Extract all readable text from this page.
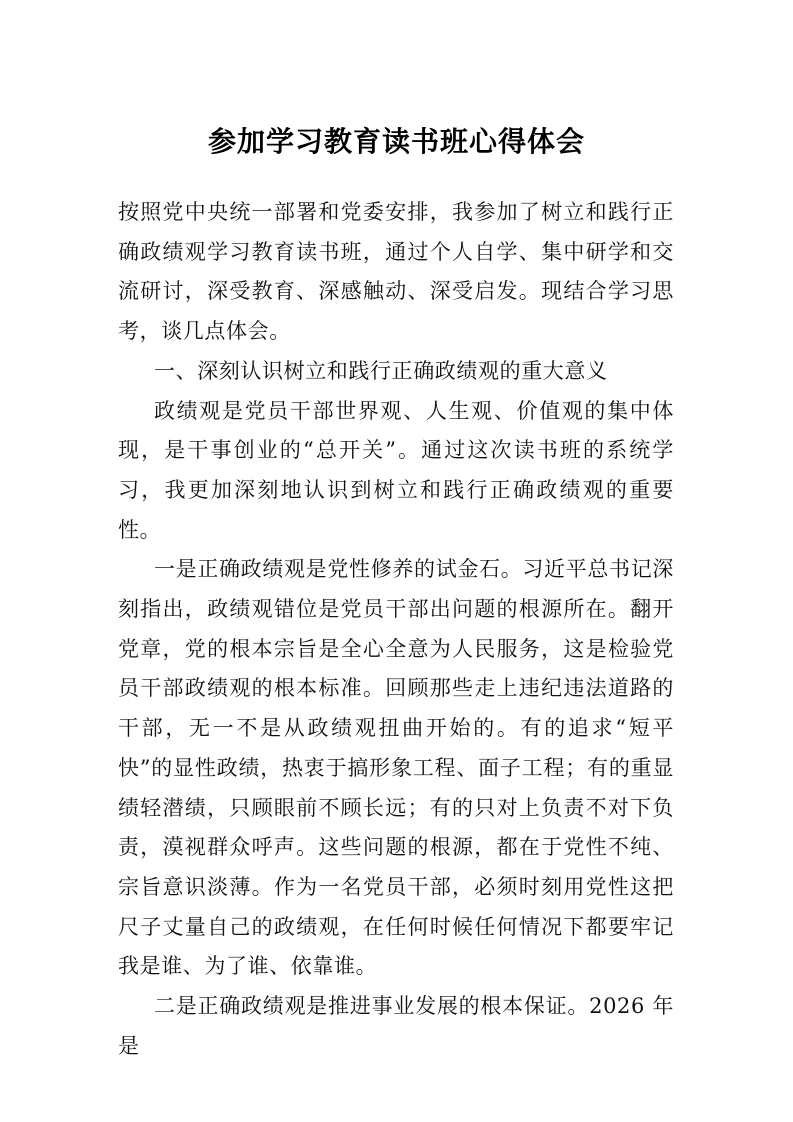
参加学习教育读书班心得体会

按照党中央统一部署和党委安排，我参加了树立和践行正确政绩观学习教育读书班，通过个人自学、集中研学和交流研讨，深受教育、深感触动、深受启发。现结合学习思考，谈几点体会。

一、深刻认识树立和践行正确政绩观的重大意义

政绩观是党员干部世界观、人生观、价值观的集中体现，是干事创业的“总开关”。通过这次读书班的系统学习，我更加深刻地认识到树立和践行正确政绩观的重要性。

一是正确政绩观是党性修养的试金石。习近平总书记深刻指出，政绩观错位是党员干部出问题的根源所在。翻开党章，党的根本宗旨是全心全意为人民服务，这是检验党员干部政绩观的根本标准。回顾那些走上违纪违法道路的干部，无一不是从政绩观扭曲开始的。有的追求“短平快”的显性政绩，热衷于搞形象工程、面子工程；有的重显绩轻潜绩，只顾眼前不顾长远；有的只对上负责不对下负责，漠视群众呼声。这些问题的根源，都在于党性不纯、宗旨意识淡薄。作为一名党员干部，必须时刻用党性这把尺子丈量自己的政绩观，在任何时候任何情况下都要牢记我是谁、为了谁、依靠谁。

二是正确政绩观是推进事业发展的根本保证。2026 年是
